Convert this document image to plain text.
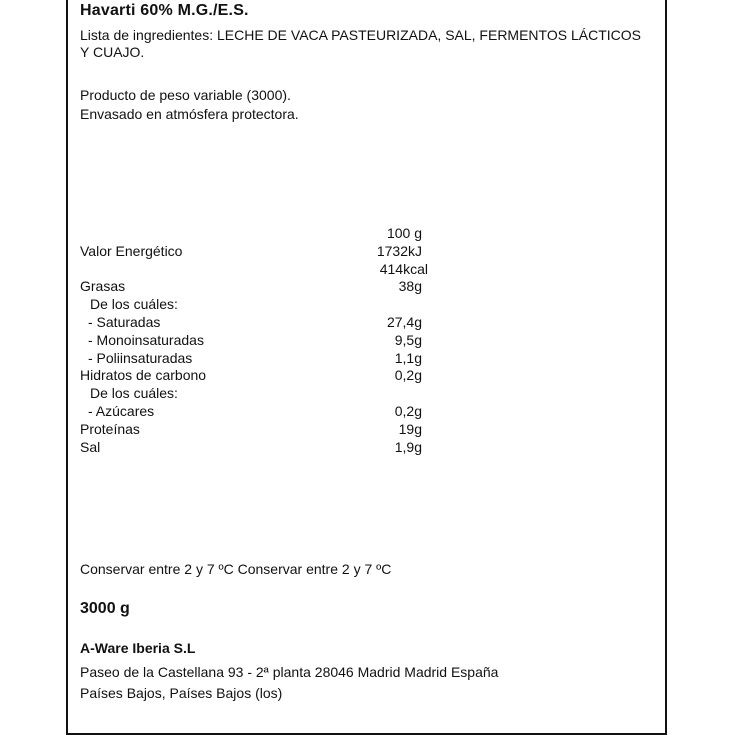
Havarti 60% M.G./E.S.
Lista de ingredientes: LECHE DE VACA PASTEURIZADA, SAL, FERMENTOS LÁCTICOS Y CUAJO.
Producto de peso variable (3000).
Envasado en atmósfera protectora.
100 g
Valor Energético	1732kJ
414kcal
Grasas	38g
De los cuáles:
- Saturadas	27,4g
- Monoinsaturadas	9,5g
- Poliinsaturadas	1,1g
Hidratos de carbono	0,2g
De los cuáles:
- Azúcares	0,2g
Proteínas	19g
Sal	1,9g
Conservar entre 2 y 7 ºC Conservar entre 2 y 7 ºC
3000 g
A-Ware Iberia S.L
Paseo de la Castellana 93 - 2ª planta 28046 Madrid Madrid España
Países Bajos, Países Bajos (los)
